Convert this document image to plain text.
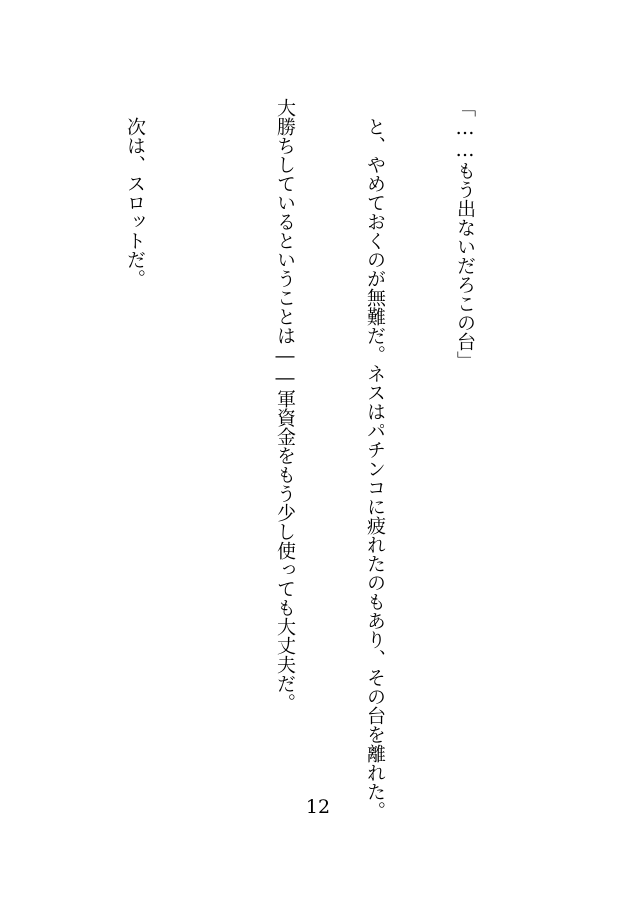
「……もう出ないだろこの台」

　と、やめておくのが無難だ。ネスはパチンコに疲れたのもあり、その台を離れた。

大勝ちしているということは――軍資金をもう少し使っても大丈夫だ。

　次は、スロットだ。

12
